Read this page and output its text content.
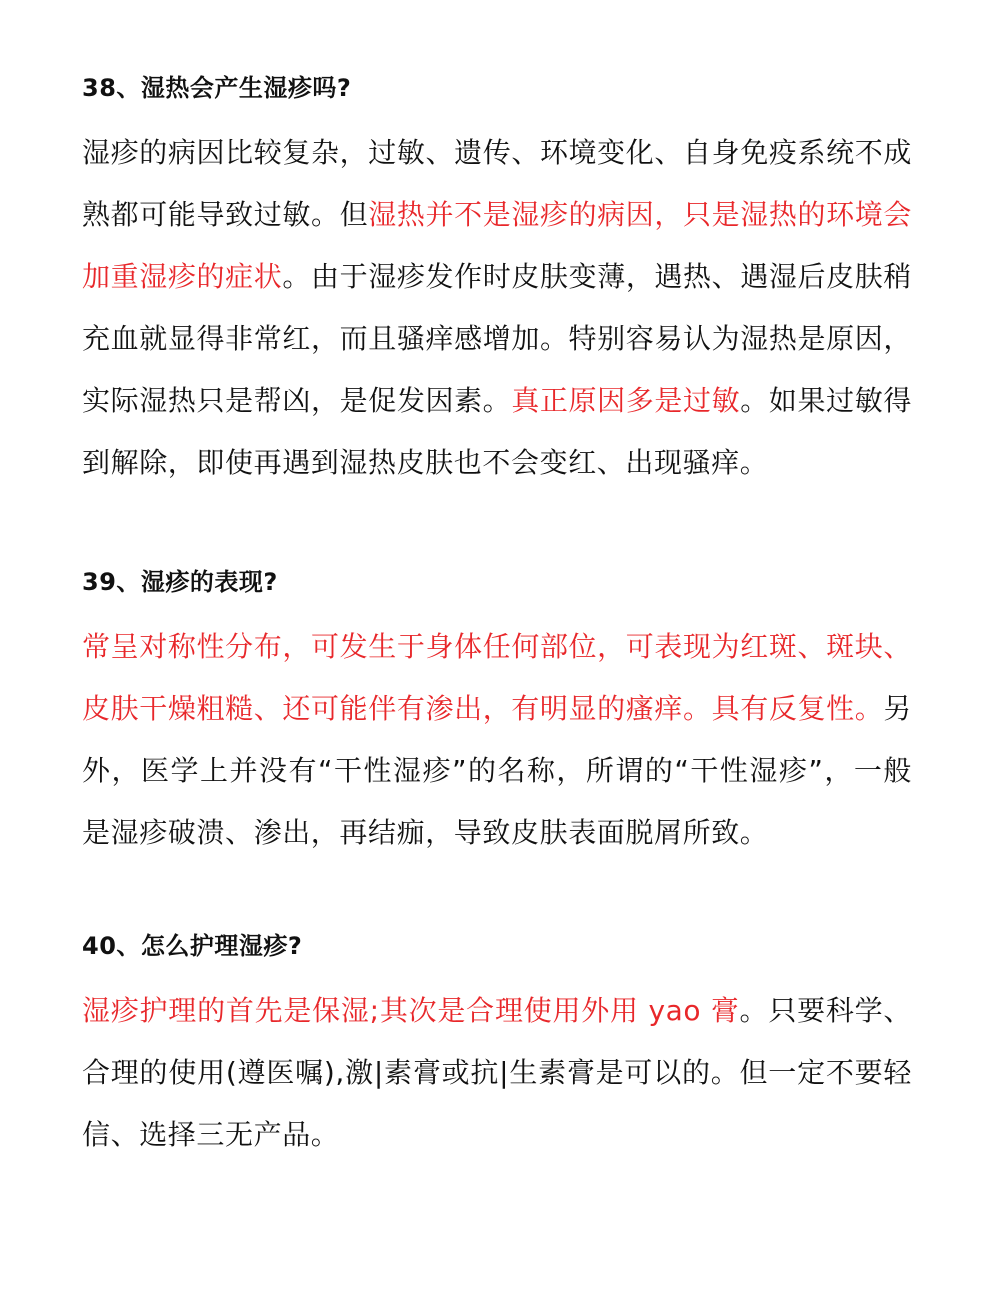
38、湿热会产生湿疹吗?

湿疹的病因比较复杂，过敏、遗传、环境变化、自身免疫系统不成熟都可能导致过敏。但湿热并不是湿疹的病因，只是湿热的环境会加重湿疹的症状。由于湿疹发作时皮肤变薄，遇热、遇湿后皮肤稍充血就显得非常红，而且骚痒感增加。特别容易认为湿热是原因，实际湿热只是帮凶，是促发因素。真正原因多是过敏。如果过敏得到解除，即使再遇到湿热皮肤也不会变红、出现骚痒。

39、湿疹的表现?

常呈对称性分布，可发生于身体任何部位，可表现为红斑、斑块、皮肤干燥粗糙、还可能伴有渗出，有明显的瘙痒。具有反复性。另外，医学上并没有“干性湿疹”的名称，所谓的“干性湿疹”，一般是湿疹破溃、渗出，再结痂，导致皮肤表面脱屑所致。

40、怎么护理湿疹?

湿疹护理的首先是保湿;其次是合理使用外用 yao 膏。只要科学、合理的使用(遵医嘱),激|素膏或抗|生素膏是可以的。但一定不要轻信、选择三无产品。
